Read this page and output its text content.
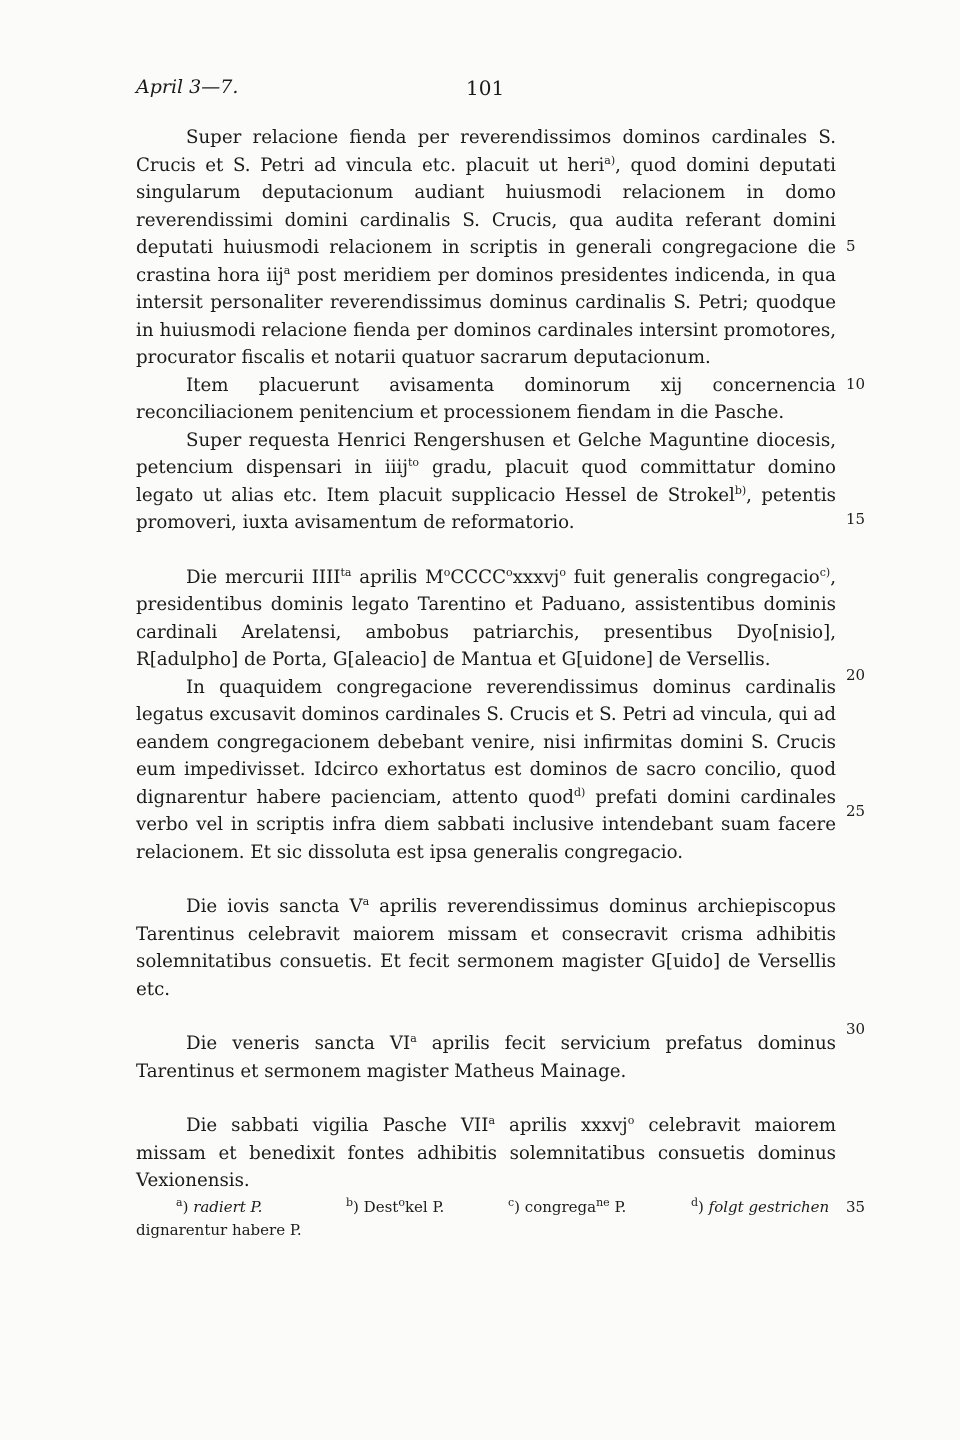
April 3—7.	101

Super relacione fienda per reverendissimos dominos cardinales S. Crucis et S. Petri ad vincula etc. placuit ut heri$^{a)}$, quod domini deputati singularum deputacionum audiant huiusmodi relacionem in domo reverendissimi domini cardinalis S. Crucis, qua audita referant domini deputati huiusmodi relacionem in scriptis in generali congregacione die crastina hora iij$^a$ post meridiem per dominos presidentes indicenda, in qua intersit personaliter reverendissimus dominus cardinalis S. Petri; quodque in huiusmodi relacione fienda per dominos cardinales intersint promotores, procurator fiscalis et notarii quatuor sacrarum deputacionum.

Item placuerunt avisamenta dominorum xij concernencia reconciliacionem penitencium et processionem fiendam in die Pasche.

Super requesta Henrici Rengershusen et Gelche Maguntine diocesis, petencium dispensari in iiij$^{to}$ gradu, placuit quod committatur domino legato ut alias etc. Item placuit supplicacio Hessel de Strokel$^{b)}$, petentis promoveri, iuxta avisamentum de reformatorio.

Die mercurii $IIII^{ta}$ aprilis $M^oCCCC^oxxxvj^o$ fuit generalis congregacio$^{c)}$, presidentibus dominis legato Tarentino et Paduano, assistentibus dominis cardinali Arelatensi, ambobus patriarchis, presentibus Dyo[nisio], R[adulpho] de Porta, G[aleacio] de Mantua et G[uidone] de Versellis.

In quaquidem congregacione reverendissimus dominus cardinalis legatus excusavit dominos cardinales S. Crucis et S. Petri ad vincula, qui ad eandem congregacionem debebant venire, nisi infirmitas domini S. Crucis eum impedivisset. Idcirco exhortatus est dominos de sacro concilio, quod dignarentur habere pacienciam, attento quod$^{d)}$ prefati domini cardinales verbo vel in scriptis infra diem sabbati inclusive intendebant suam facere relacionem. Et sic dissoluta est ipsa generalis congregacio.

Die iovis sancta $V^a$ aprilis reverendissimus dominus archiepiscopus Tarentinus celebravit maiorem missam et consecravit crisma adhibitis solemnitatibus consuetis. Et fecit sermonem magister G[uido] de Versellis etc.

Die veneris sancta $VI^a$ aprilis fecit servicium prefatus dominus Tarentinus et sermonem magister Matheus Mainage.

Die sabbati vigilia Pasche VII$^a$ aprilis xxxvj$^o$ celebravit maiorem missam et benedixit fontes adhibitis solemnitatibus consuetis dominus Vexionensis.

5
10
15
20
25
30
35
$^a$) radiert P.	$^b$) Dest$^o$kel P.	$^c$) congrega$^{ne}$ P.	$^d$) folgt gestrichen
dignarentur habere P.
